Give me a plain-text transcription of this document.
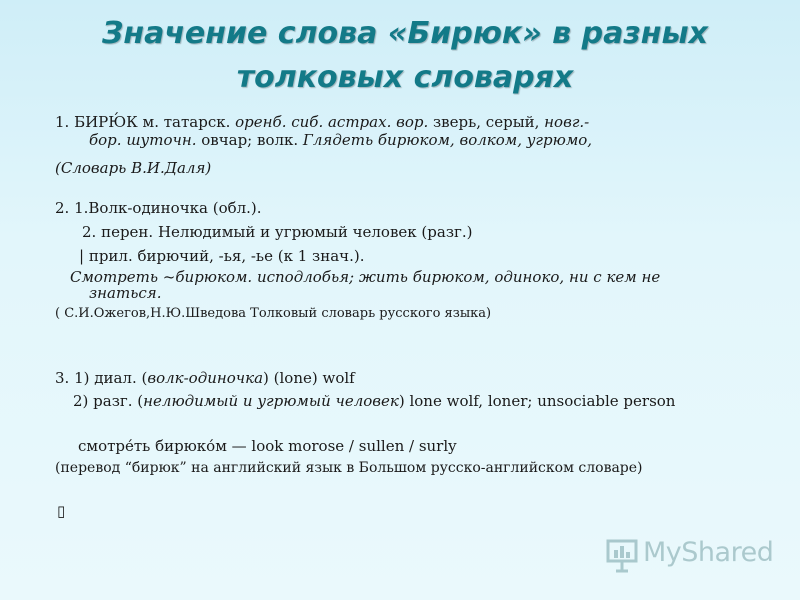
Значение слова «Бирюк» в разных
толковых словарях
1. БИРЮ́К м. татарск. оренб. сиб. астрах. вор. зверь, серый, новг.-
бор. шуточн. овчар; волк. Глядеть бирюком, волком, угрюмо,
(Словарь В.И.Даля)
2. 1.Волк-одиночка (обл.).
2. перен. Нелюдимый и угрюмый человек (разг.)
| прил. бирючий, -ья, -ье (к 1 знач.).
Смотреть ~бирюком. исподлобья; жить бирюком, одиноко, ни с кем не
знаться.
( С.И.Ожегов,Н.Ю.Шведова Толковый словарь русского языка)
3. 1) диал. (волк-одиночка) (lone) wolf
2) разг. (нелюдимый и угрюмый человек) lone wolf, loner; unsociable person
смотре́ть бирюко́м — look morose / sullen / surly
(перевод “бирюк” на английский язык в Большом русско-английском словаре)
▯
MyShared
